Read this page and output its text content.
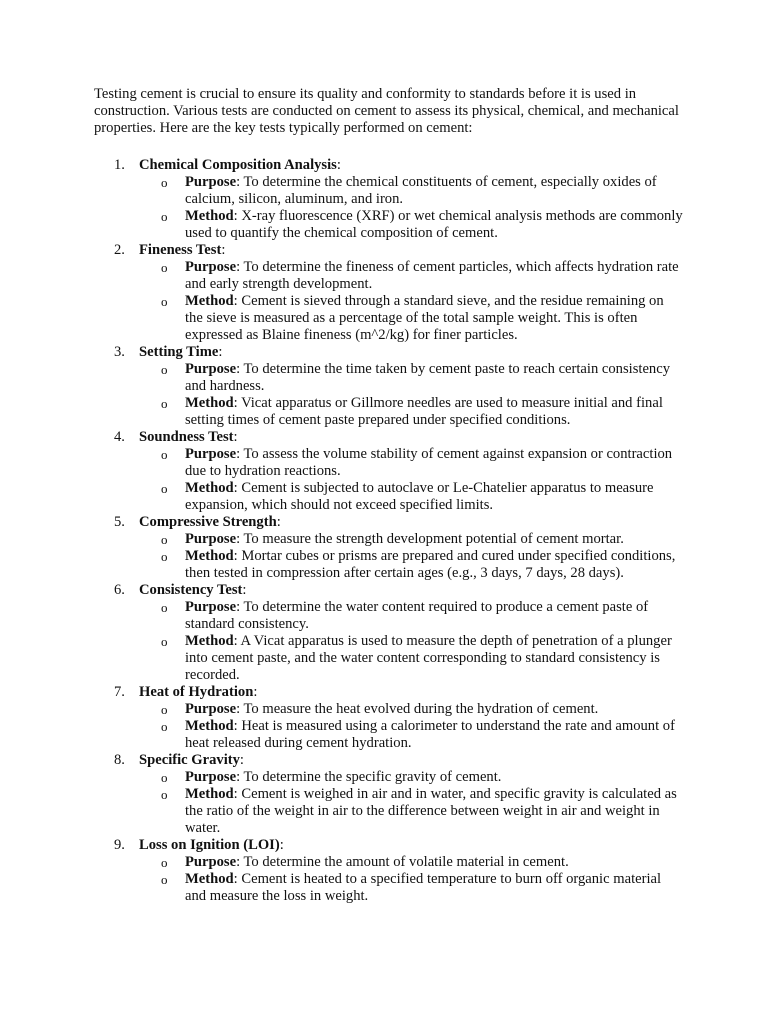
Testing cement is crucial to ensure its quality and conformity to standards before it is used in construction. Various tests are conducted on cement to assess its physical, chemical, and mechanical properties. Here are the key tests typically performed on cement:

1. Chemical Composition Analysis:
o Purpose: To determine the chemical constituents of cement, especially oxides of calcium, silicon, aluminum, and iron.
o Method: X-ray fluorescence (XRF) or wet chemical analysis methods are commonly used to quantify the chemical composition of cement.
2. Fineness Test:
o Purpose: To determine the fineness of cement particles, which affects hydration rate and early strength development.
o Method: Cement is sieved through a standard sieve, and the residue remaining on the sieve is measured as a percentage of the total sample weight. This is often expressed as Blaine fineness (m^2/kg) for finer particles.
3. Setting Time:
o Purpose: To determine the time taken by cement paste to reach certain consistency and hardness.
o Method: Vicat apparatus or Gillmore needles are used to measure initial and final setting times of cement paste prepared under specified conditions.
4. Soundness Test:
o Purpose: To assess the volume stability of cement against expansion or contraction due to hydration reactions.
o Method: Cement is subjected to autoclave or Le-Chatelier apparatus to measure expansion, which should not exceed specified limits.
5. Compressive Strength:
o Purpose: To measure the strength development potential of cement mortar.
o Method: Mortar cubes or prisms are prepared and cured under specified conditions, then tested in compression after certain ages (e.g., 3 days, 7 days, 28 days).
6. Consistency Test:
o Purpose: To determine the water content required to produce a cement paste of standard consistency.
o Method: A Vicat apparatus is used to measure the depth of penetration of a plunger into cement paste, and the water content corresponding to standard consistency is recorded.
7. Heat of Hydration:
o Purpose: To measure the heat evolved during the hydration of cement.
o Method: Heat is measured using a calorimeter to understand the rate and amount of heat released during cement hydration.
8. Specific Gravity:
o Purpose: To determine the specific gravity of cement.
o Method: Cement is weighed in air and in water, and specific gravity is calculated as the ratio of the weight in air to the difference between weight in air and weight in water.
9. Loss on Ignition (LOI):
o Purpose: To determine the amount of volatile material in cement.
o Method: Cement is heated to a specified temperature to burn off organic material and measure the loss in weight.
